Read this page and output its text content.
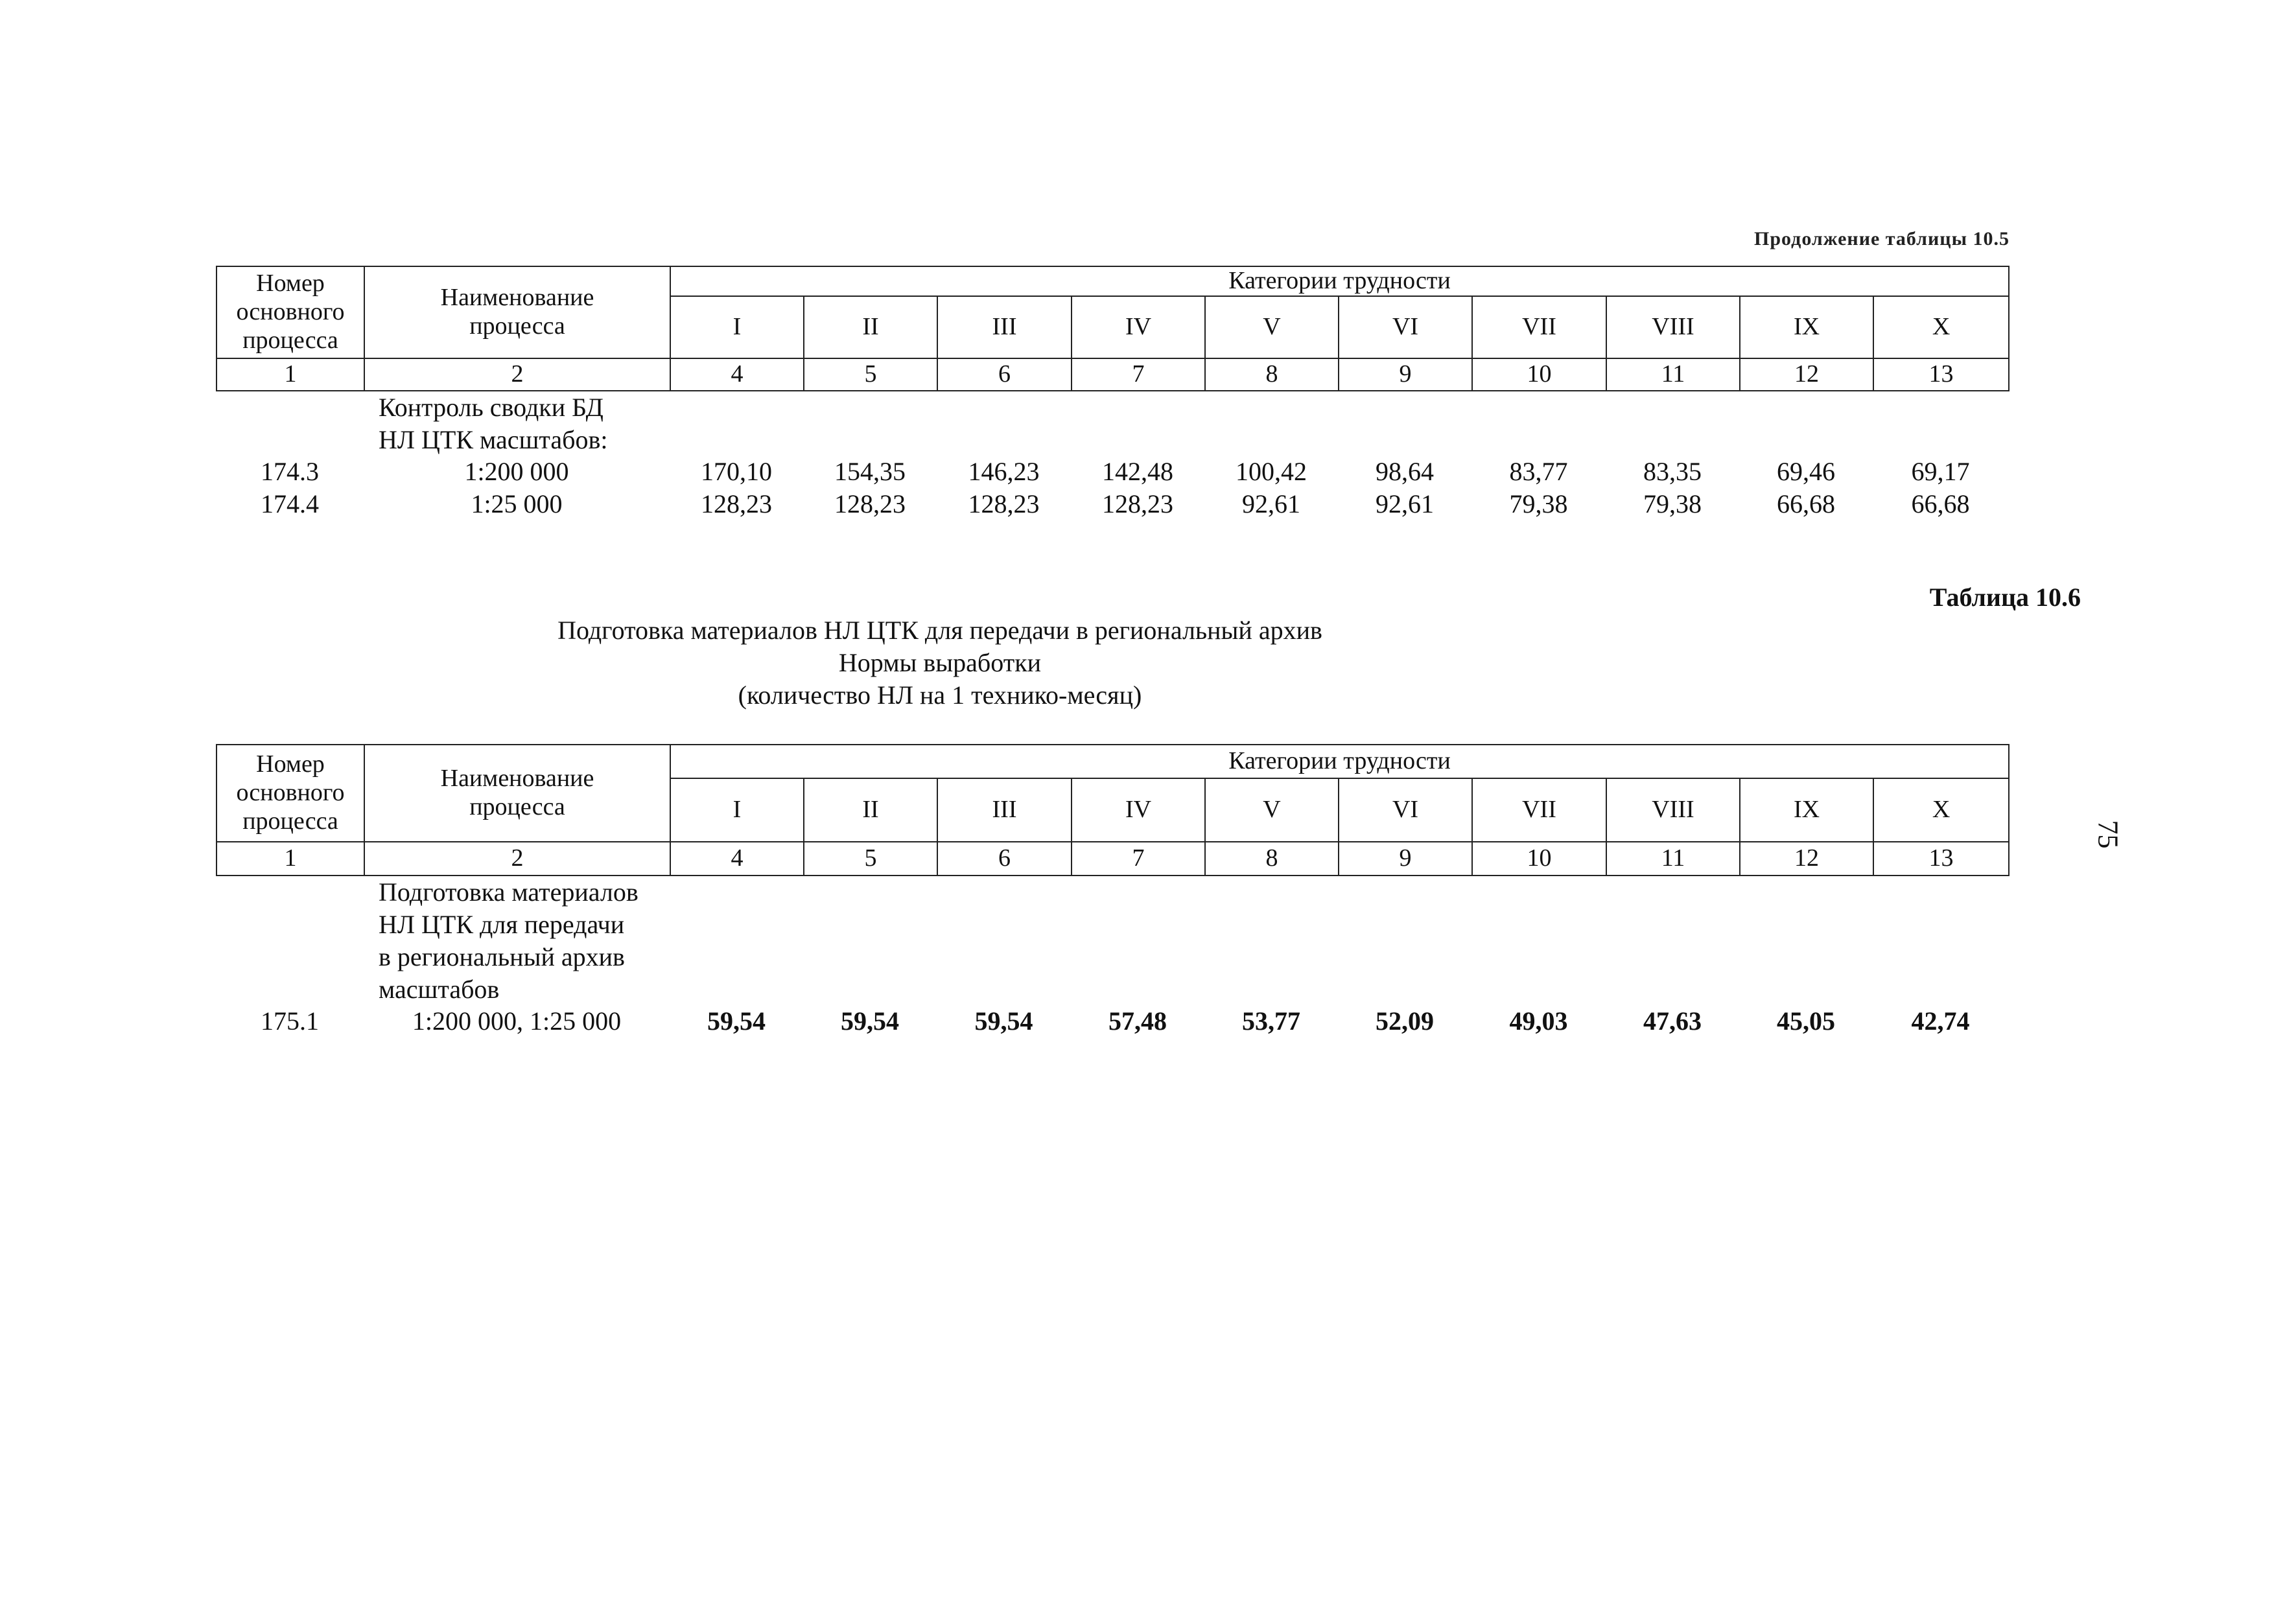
Продолжение таблицы 10.5
Номер основного процесса	Наименование процесса	Категории трудности									
		I	II	III	IV	V	VI	VII	VIII	IX	X
1	2	4	5	6	7	8	9	10	11	12	13
Контроль сводки БД
НЛ ЦТК масштабов:
174.3	1:200 000	170,10	154,35	146,23	142,48	100,42	98,64	83,77	83,35	69,46	69,17
174.4	1:25 000	128,23	128,23	128,23	128,23	92,61	92,61	79,38	79,38	66,68	66,68
Таблица 10.6
Подготовка материалов НЛ ЦТК для передачи в региональный архив
Нормы выработки
(количество НЛ на 1 технико-месяц)
Номер основного процесса	Наименование процесса	Категории трудности									
		I	II	III	IV	V	VI	VII	VIII	IX	X
1	2	4	5	6	7	8	9	10	11	12	13
Подготовка материалов
НЛ ЦТК для передачи
в региональный архив
масштабов
175.1	1:200 000, 1:25 000	59,54	59,54	59,54	57,48	53,77	52,09	49,03	47,63	45,05	42,74
75
